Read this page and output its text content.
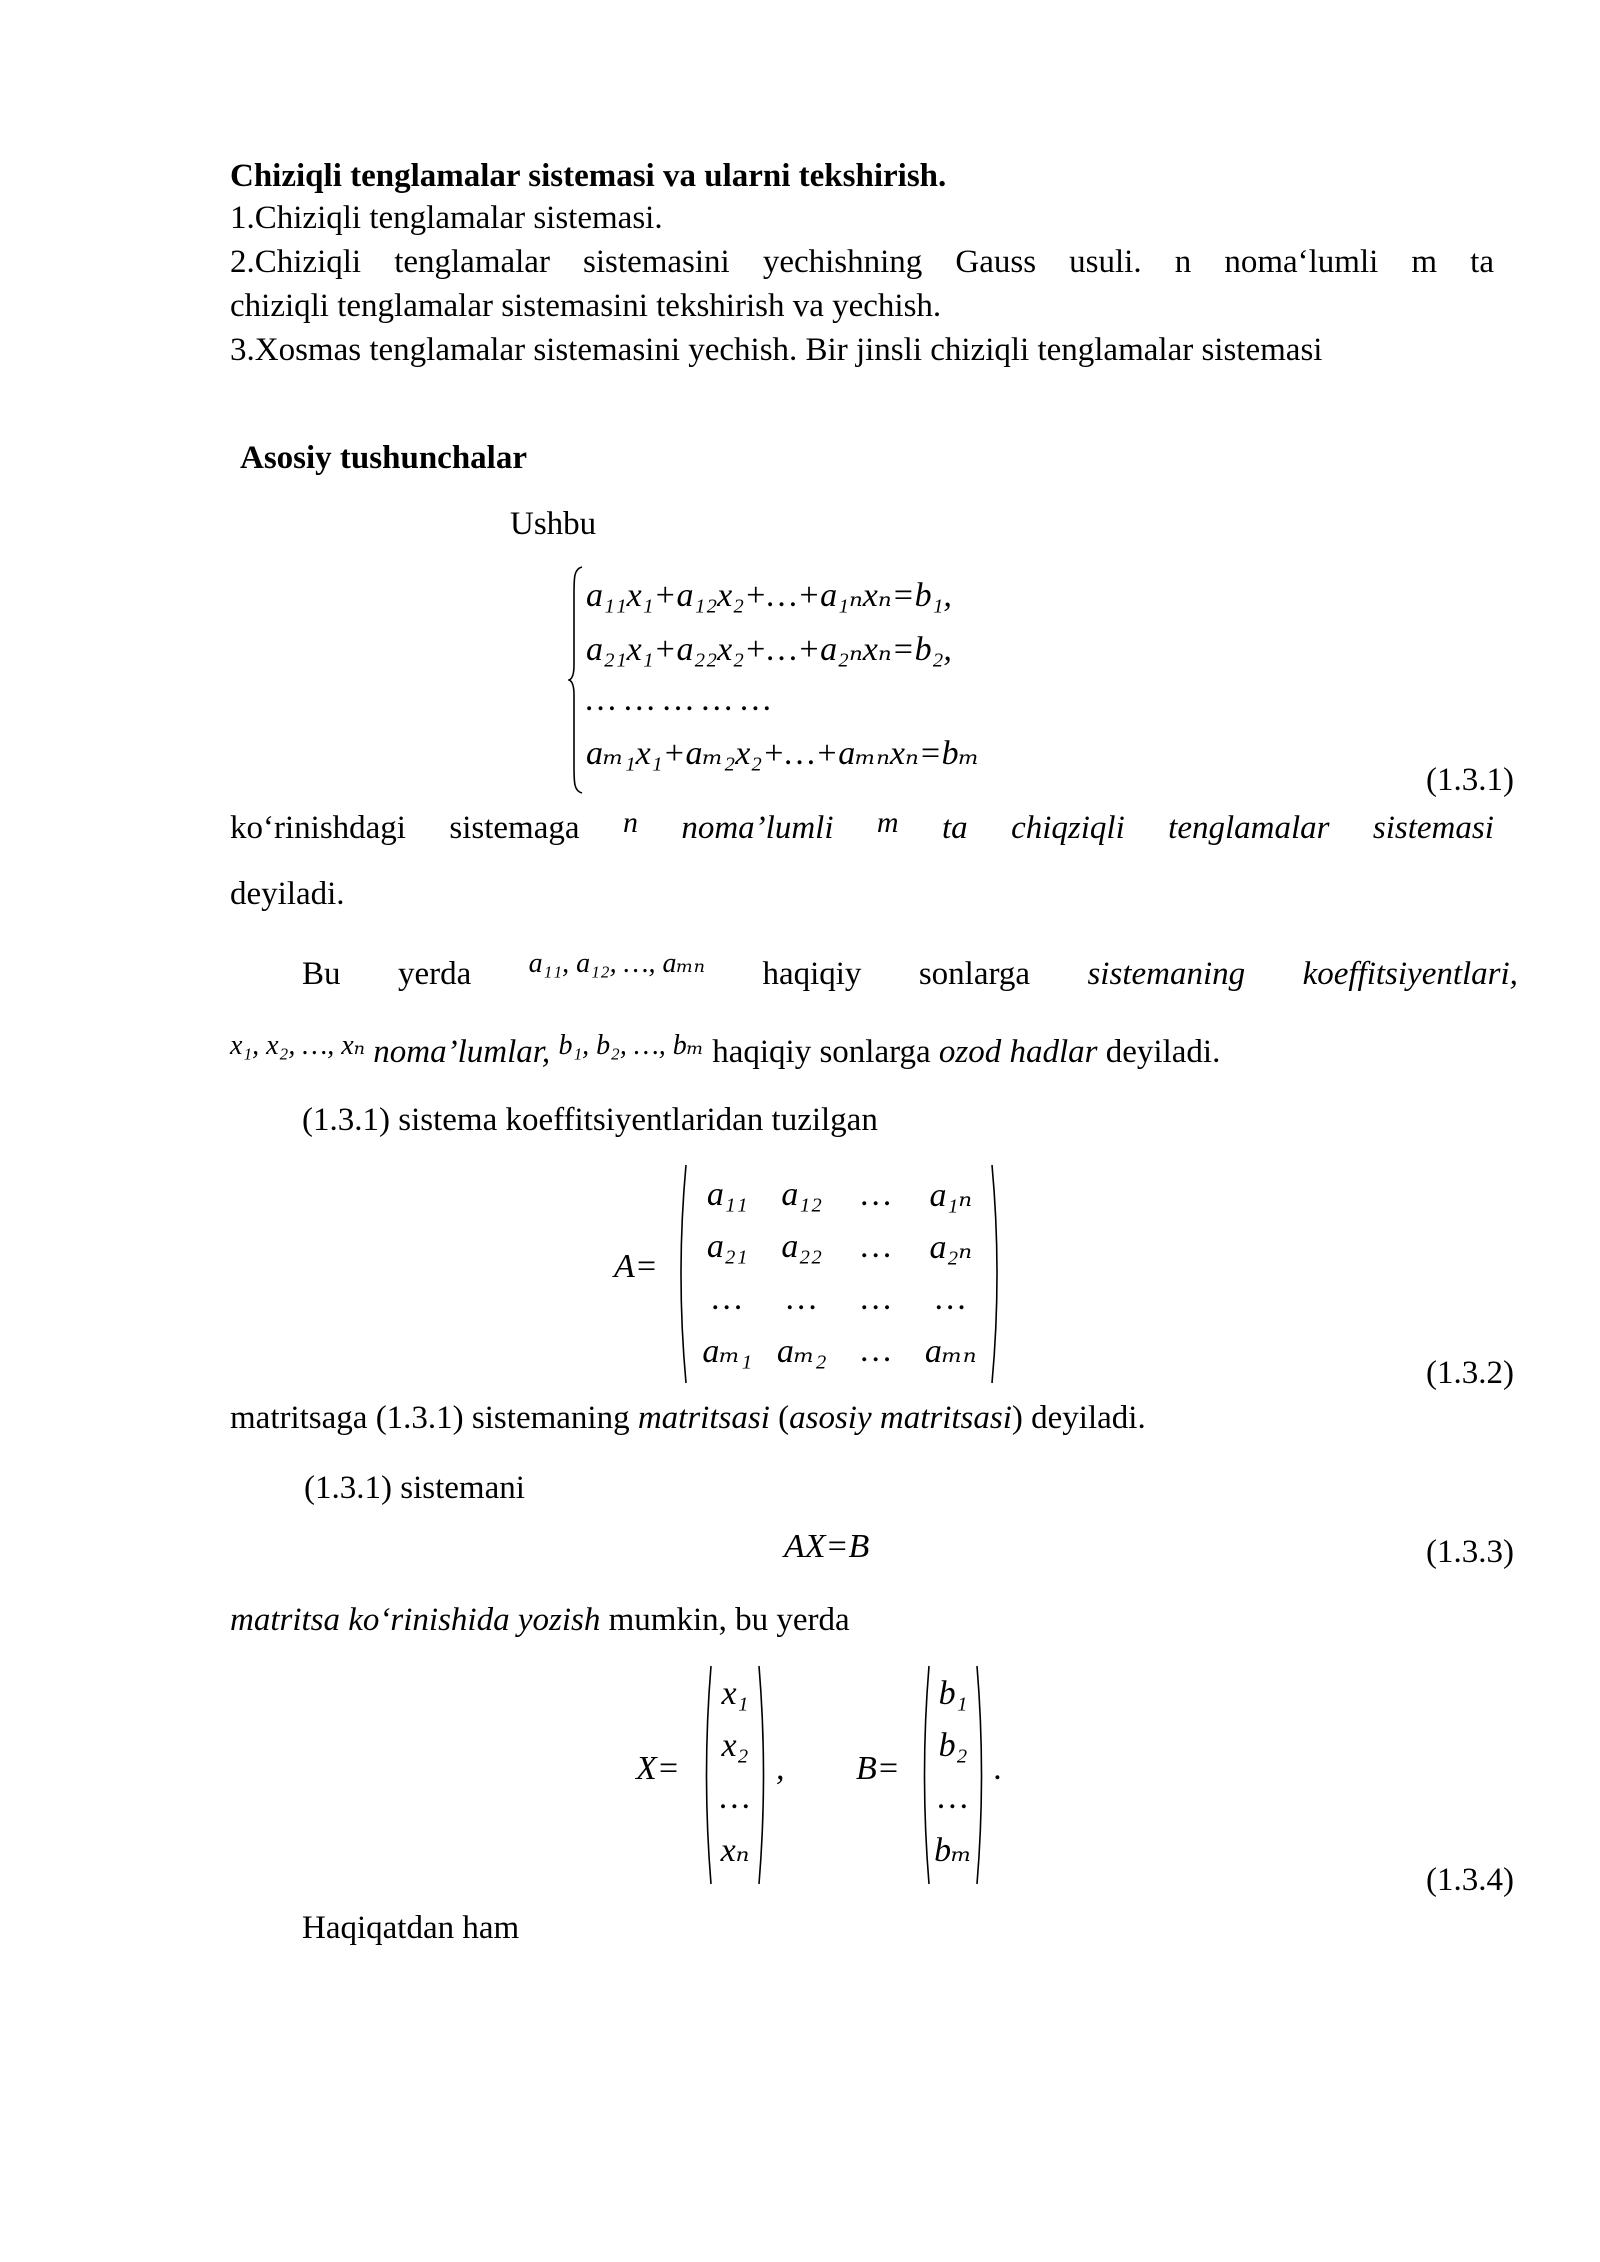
Chiziqli tenglamalar sistemasi va ularni tekshirish.
1.Chiziqli tenglamalar sistemasi.
2.Chiziqli tenglamalar sistemasini yechishning Gauss usuli. n noma‘lumli m ta
chiziqli tenglamalar sistemasini tekshirish va yechish.
3.Xosmas tenglamalar sistemasini yechish. Bir jinsli chiziqli tenglamalar sistemasi
Asosiy tushunchalar
Ushbu
a₁₁x₁+a₁₂x₂+…+a₁ₙxₙ=b₁,
a₂₁x₁+a₂₂x₂+…+a₂ₙxₙ=b₂,
… … … … …
aₘ₁x₁+aₘ₂x₂+…+aₘₙxₙ=bₘ
(1.3.1)
ko‘rinishdagi sistemaga n noma’lumli m ta chiqziqli tenglamalar sistemasi
deyiladi.
Bu yerda a₁₁, a₁₂, …, aₘₙ haqiqiy sonlarga sistemaning koeffitsiyentlari,
$^{x_1, x_2, \dots, x_n}$ noma’lumlar, $^{b_1, b_2, \dots, b_m}$ haqiqiy sonlarga ozod hadlar deyiladi.
(1.3.1) sistema koeffitsiyentlaridan tuzilgan
A=
a₁₁ a₁₂ … a₁ₙ
a₂₁ a₂₂ … a₂ₙ
… … … …
aₘ₁ aₘ₂ … aₘₙ
(1.3.2)
matritsaga (1.3.1) sistemaning matritsasi (asosiy matritsasi) deyiladi.
(1.3.1) sistemani
AX=B	(1.3.3)
matritsa ko‘rinishida yozish mumkin, bu yerda
X=
x₁
x₂
…
xₙ
, B=
b₁
b₂
…
bₘ
.
(1.3.4)
Haqiqatdan ham
